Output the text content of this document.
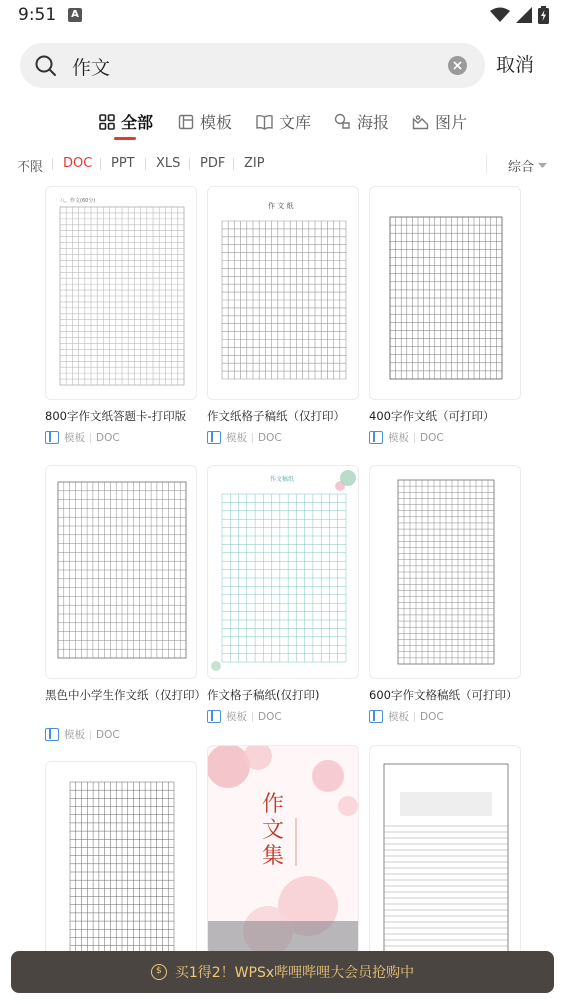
9:51	A
作文
取消
全部	模板	文库	海报	图片
不限 DOC PPT XLS PDF ZIP	综合
八、作文(60分)
800字作文纸答题卡-打印版
模板 DOC
作 文 纸
作文纸格子稿纸（仅打印）
模板 DOC
400字作文纸（可打印）
模板 DOC
黑色中小学生作文纸（仅打印）
模板 DOC
作文稿纸
作文格子稿纸(仅打印)
模板 DOC
600字作文格稿纸（可打印）
模板 DOC
作文集
$ 买1得2！WPSx哔哩哔哩大会员抢购中
